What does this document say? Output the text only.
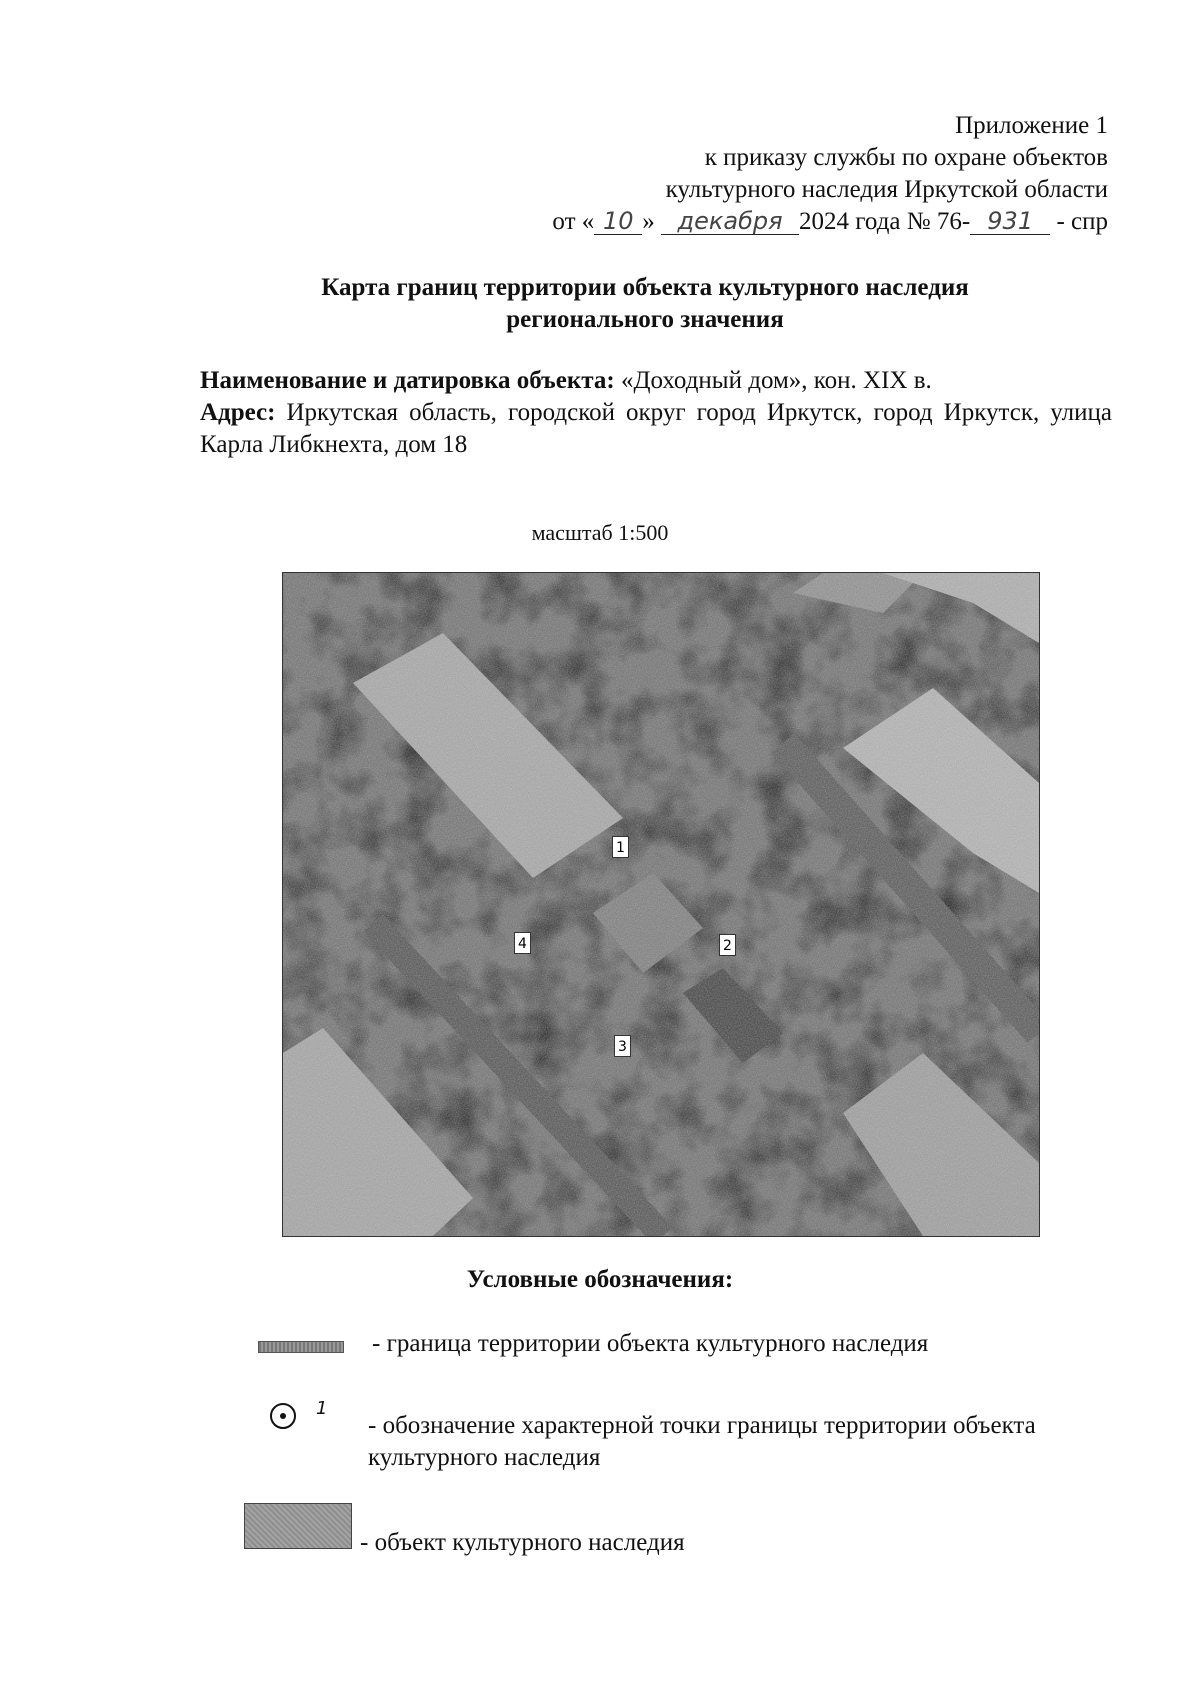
Приложение 1
к приказу службы по охране объектов
культурного наследия Иркутской области
от « 10 » декабря 2024 года № 76- 931 - спр
Карта границ территории объекта культурного наследия
регионального значения
Наименование и датировка объекта: «Доходный дом», кон. XIX в.
Адрес: Иркутская область, городской округ город Иркутск, город Иркутск, улица Карла Либкнехта, дом 18
масштаб 1:500
1
2
3
4
Условные обозначения:
- граница территории объекта культурного наследия
1
- обозначение характерной точки границы территории объекта культурного наследия
- объект культурного наследия
